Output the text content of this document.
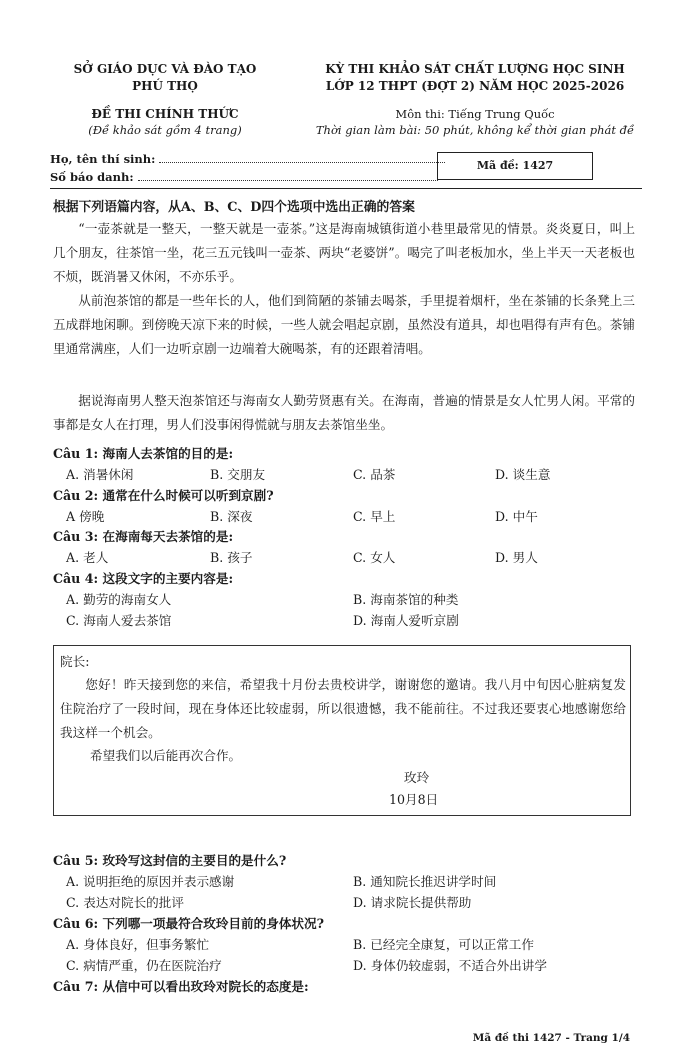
SỞ GIÁO DỤC VÀ ĐÀO TẠO
PHÚ THỌ
ĐỀ THI CHÍNH THỨC
(Đề khảo sát gồm 4 trang)
KỲ THI KHẢO SÁT CHẤT LƯỢNG HỌC SINH
LỚP 12 THPT (ĐỢT 2) NĂM HỌC 2025-2026
Môn thi: Tiếng Trung Quốc
Thời gian làm bài: 50 phút, không kể thời gian phát đề
Họ, tên thí sinh:
Số báo danh:
Mã đề: 1427
根据下列语篇内容，从A、B、C、D四个选项中选出正确的答案
“一壶茶就是一整天，一整天就是一壶茶。”这是海南城镇街道小巷里最常见的情景。炎炎夏日，叫上几个朋友，往茶馆一坐，花三五元钱叫一壶茶、两块“老婆饼”。喝完了叫老板加水，坐上半天一天老板也不烦，既消暑又休闲，不亦乐乎。
从前泡茶馆的都是一些年长的人，他们到简陋的茶铺去喝茶，手里提着烟杆，坐在茶铺的长条凳上三五成群地闲聊。到傍晚天凉下来的时候，一些人就会唱起京剧，虽然没有道具，却也唱得有声有色。茶铺里通常满座，人们一边听京剧一边端着大碗喝茶，有的还跟着清唱。
据说海南男人整天泡茶馆还与海南女人勤劳贤惠有关。在海南，普遍的情景是女人忙男人闲。平常的事都是女人在打理，男人们没事闲得慌就与朋友去茶馆坐坐。
Câu 1: 海南人去茶馆的目的是:
A. 消暑休闲	B. 交朋友	C. 品茶	D. 谈生意
Câu 2: 通常在什么时候可以听到京剧?
A 傍晚	B. 深夜	C. 早上	D. 中午
Câu 3: 在海南每天去茶馆的是:
A. 老人	B. 孩子	C. 女人	D. 男人
Câu 4: 这段文字的主要内容是:
A. 勤劳的海南女人	B. 海南茶馆的种类
C. 海南人爱去茶馆	D. 海南人爱听京剧
院长:
您好！昨天接到您的来信，希望我十月份去贵校讲学，谢谢您的邀请。我八月中旬因心脏病复发住院治疗了一段时间，现在身体还比较虚弱，所以很遗憾，我不能前往。不过我还要衷心地感谢您给我这样一个机会。
希望我们以后能再次合作。
玫玲
10月8日
Câu 5: 玫玲写这封信的主要目的是什么?
A. 说明拒绝的原因并表示感谢	B. 通知院长推迟讲学时间
C. 表达对院长的批评	D. 请求院长提供帮助
Câu 6: 下列哪一项最符合玫玲目前的身体状况?
A. 身体良好，但事务繁忙	B. 已经完全康复，可以正常工作
C. 病情严重，仍在医院治疗	D. 身体仍较虚弱，不适合外出讲学
Câu 7: 从信中可以看出玫玲对院长的态度是:
Mã đề thi 1427 - Trang 1/4
